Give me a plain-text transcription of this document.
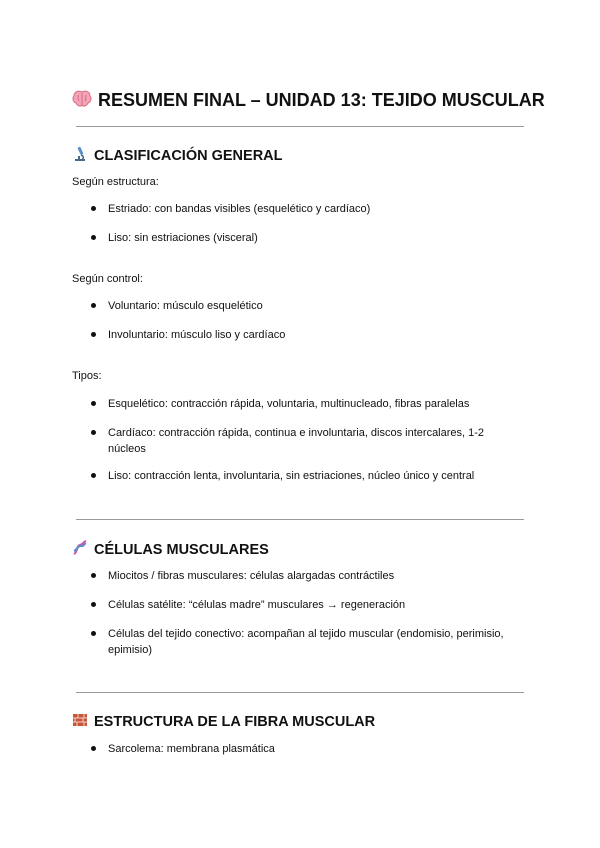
RESUMEN FINAL – UNIDAD 13: TEJIDO MUSCULAR
CLASIFICACIÓN GENERAL
Según estructura:
Estriado: con bandas visibles (esquelético y cardíaco)
Liso: sin estriaciones (visceral)
Según control:
Voluntario: músculo esquelético
Involuntario: músculo liso y cardíaco
Tipos:
Esquelético: contracción rápida, voluntaria, multinucleado, fibras paralelas
Cardíaco: contracción rápida, continua e involuntaria, discos intercalares, 1-2 núcleos
Liso: contracción lenta, involuntaria, sin estriaciones, núcleo único y central
CÉLULAS MUSCULARES
Miocitos / fibras musculares: células alargadas contráctiles
Células satélite: “células madre” musculares → regeneración
Células del tejido conectivo: acompañan al tejido muscular (endomisio, perimisio, epimisio)
ESTRUCTURA DE LA FIBRA MUSCULAR
Sarcolema: membrana plasmática
